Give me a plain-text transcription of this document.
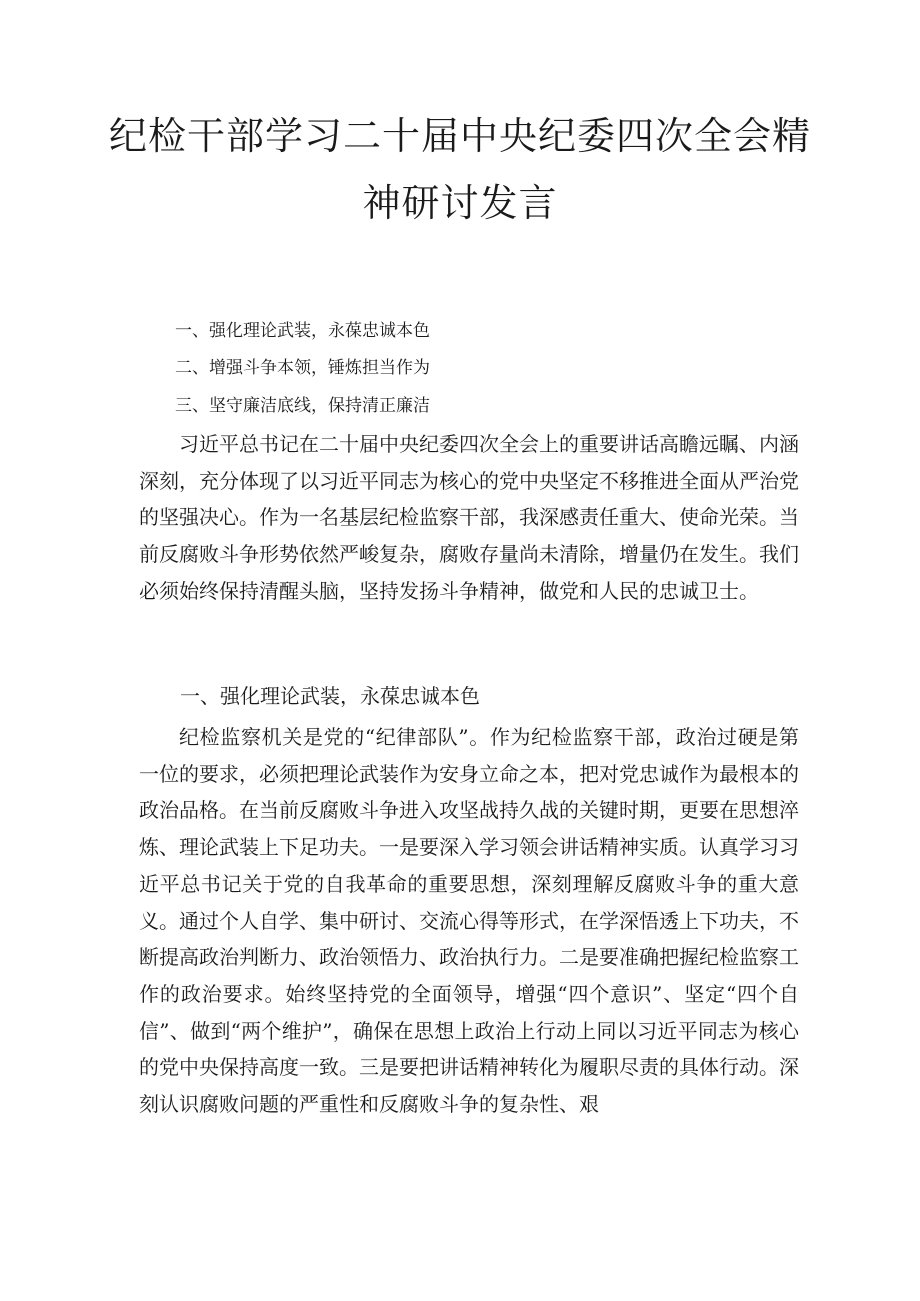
纪检干部学习二十届中央纪委四次全会精
神研讨发言
一、强化理论武装，永葆忠诚本色
二、增强斗争本领，锤炼担当作为
三、坚守廉洁底线，保持清正廉洁

习近平总书记在二十届中央纪委四次全会上的重要讲话高瞻远瞩、内涵深刻，充分体现了以习近平同志为核心的党中央坚定不移推进全面从严治党的坚强决心。作为一名基层纪检监察干部，我深感责任重大、使命光荣。当前反腐败斗争形势依然严峻复杂，腐败存量尚未清除，增量仍在发生。我们必须始终保持清醒头脑，坚持发扬斗争精神，做党和人民的忠诚卫士。

一、强化理论武装，永葆忠诚本色

纪检监察机关是党的“纪律部队”。作为纪检监察干部，政治过硬是第一位的要求，必须把理论武装作为安身立命之本，把对党忠诚作为最根本的政治品格。在当前反腐败斗争进入攻坚战持久战的关键时期，更要在思想淬炼、理论武装上下足功夫。一是要深入学习领会讲话精神实质。认真学习习近平总书记关于党的自我革命的重要思想，深刻理解反腐败斗争的重大意义。通过个人自学、集中研讨、交流心得等形式，在学深悟透上下功夫，不断提高政治判断力、政治领悟力、政治执行力。二是要准确把握纪检监察工作的政治要求。始终坚持党的全面领导，增强“四个意识”、坚定“四个自信”、做到“两个维护”，确保在思想上政治上行动上同以习近平同志为核心的党中央保持高度一致。三是要把讲话精神转化为履职尽责的具体行动。深刻认识腐败问题的严重性和反腐败斗争的复杂性、艰
